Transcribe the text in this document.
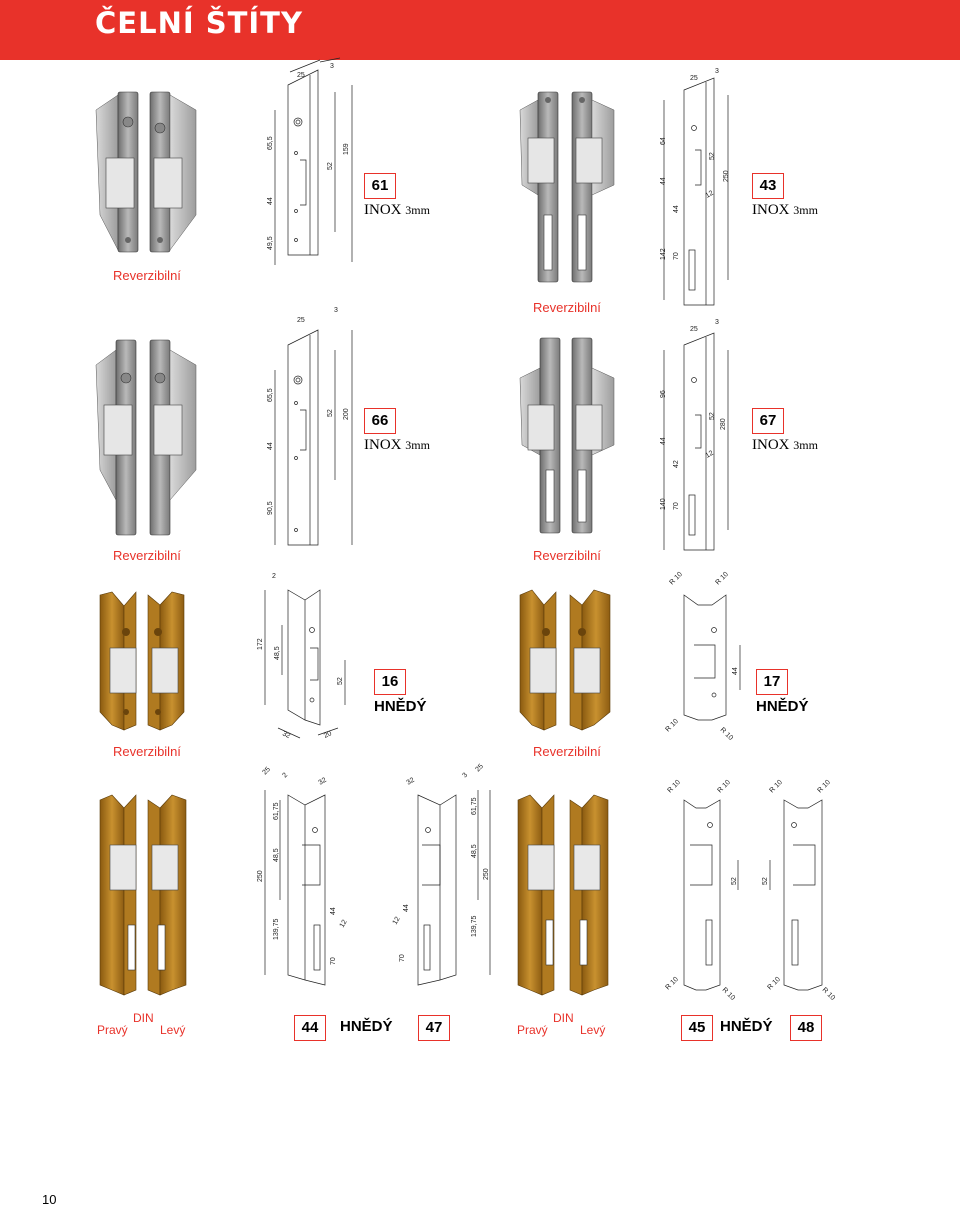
ČELNÍ ŠTÍTY
25
3
65,5
44
49,5
52
159
25
3
64
44
44
142 70
52
12
250
25
3
65,5
44
90,5
52 200
25
3
96
44
42
140 70
52
12
280
2
172
48,5
52
32	20
R 10	R 10
44
R 10
R 10
25 2
32
61,75
48,5
250
139,75
44
12
70
32
25
3
61,75
48,5
250
139,75
44
12
70
R 10	R 10
52
R 10
R 10
R 10	R 10
52
R 10
R 10
61
INOX 3mm
43
INOX 3mm
Reverzibilní
Reverzibilní
66
INOX 3mm
67
INOX 3mm
Reverzibilní	Reverzibilní
16
HNĚDÝ
17
HNĚDÝ
Reverzibilní	Reverzibilní
DIN
Pravý	Levý	44	HNĚDÝ	47
DIN
Pravý	Levý	45 HNĚDÝ	48
10
